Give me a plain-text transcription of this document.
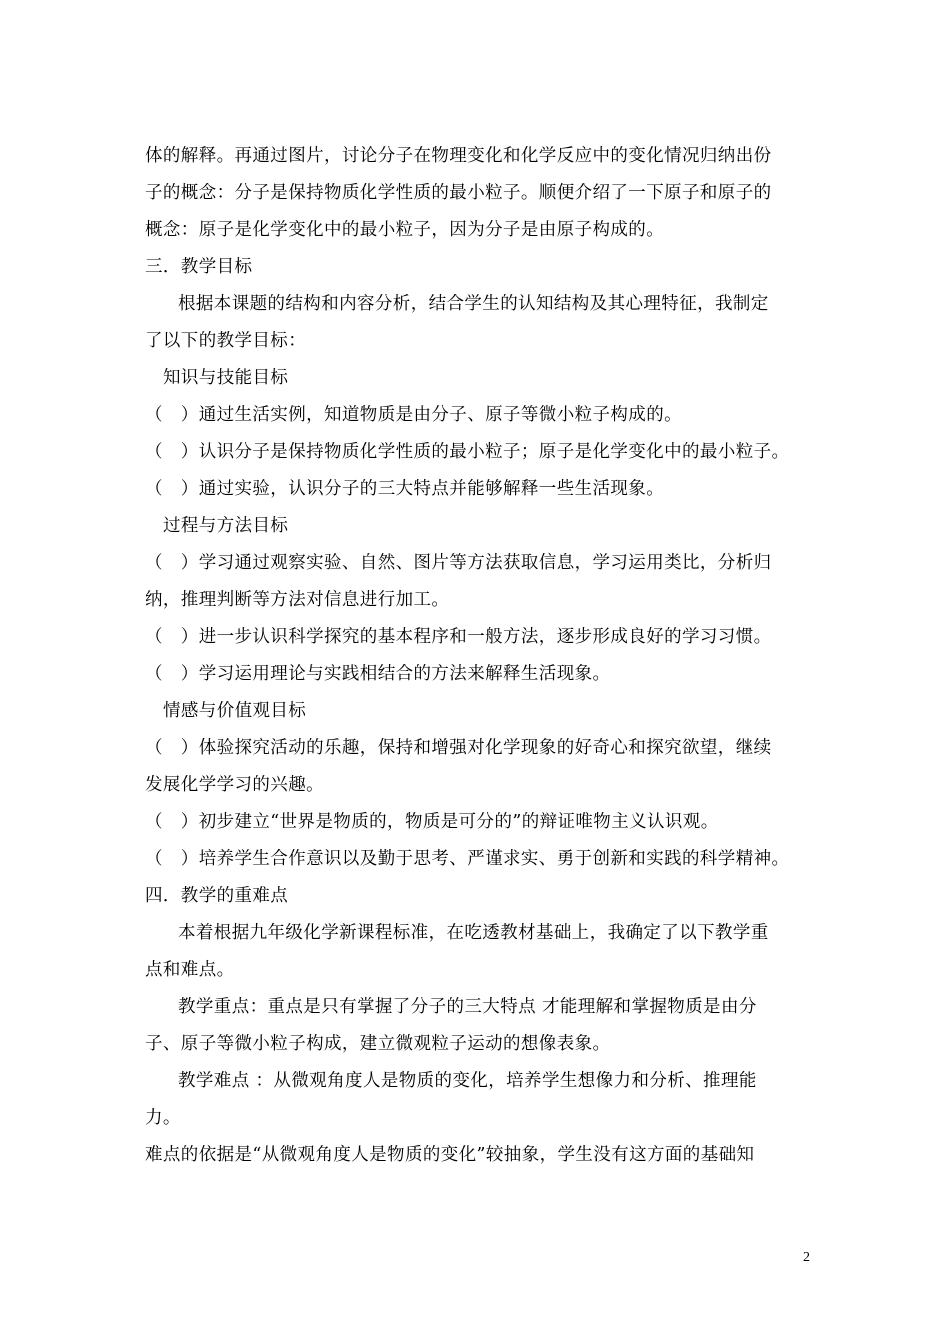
体的解释。再通过图片，讨论分子在物理变化和化学反应中的变化情况归纳出份
子的概念：分子是保持物质化学性质的最小粒子。顺便介绍了一下原子和原子的
概念：原子是化学变化中的最小粒子，因为分子是由原子构成的。
三．教学目标
根据本课题的结构和内容分析，结合学生的认知结构及其心理特征，我制定
了以下的教学目标：
知识与技能目标
（　）通过生活实例，知道物质是由分子、原子等微小粒子构成的。
（　）认识分子是保持物质化学性质的最小粒子；原子是化学变化中的最小粒子。
（　）通过实验，认识分子的三大特点并能够解释一些生活现象。
过程与方法目标
（　）学习通过观察实验、自然、图片等方法获取信息，学习运用类比，分析归
纳，推理判断等方法对信息进行加工。
（　）进一步认识科学探究的基本程序和一般方法，逐步形成良好的学习习惯。
（　）学习运用理论与实践相结合的方法来解释生活现象。
情感与价值观目标
（　）体验探究活动的乐趣，保持和增强对化学现象的好奇心和探究欲望，继续
发展化学学习的兴趣。
（　）初步建立“世界是物质的，物质是可分的”的辩证唯物主义认识观。
（　）培养学生合作意识以及勤于思考、严谨求实、勇于创新和实践的科学精神。
四．教学的重难点
本着根据九年级化学新课程标准，在吃透教材基础上，我确定了以下教学重
点和难点。
教学重点：重点是只有掌握了分子的三大特点 才能理解和掌握物质是由分
子、原子等微小粒子构成，建立微观粒子运动的想像表象。
教学难点 ：从微观角度人是物质的变化，培养学生想像力和分析、推理能
力。
难点的依据是“从微观角度人是物质的变化”较抽象，学生没有这方面的基础知
2
